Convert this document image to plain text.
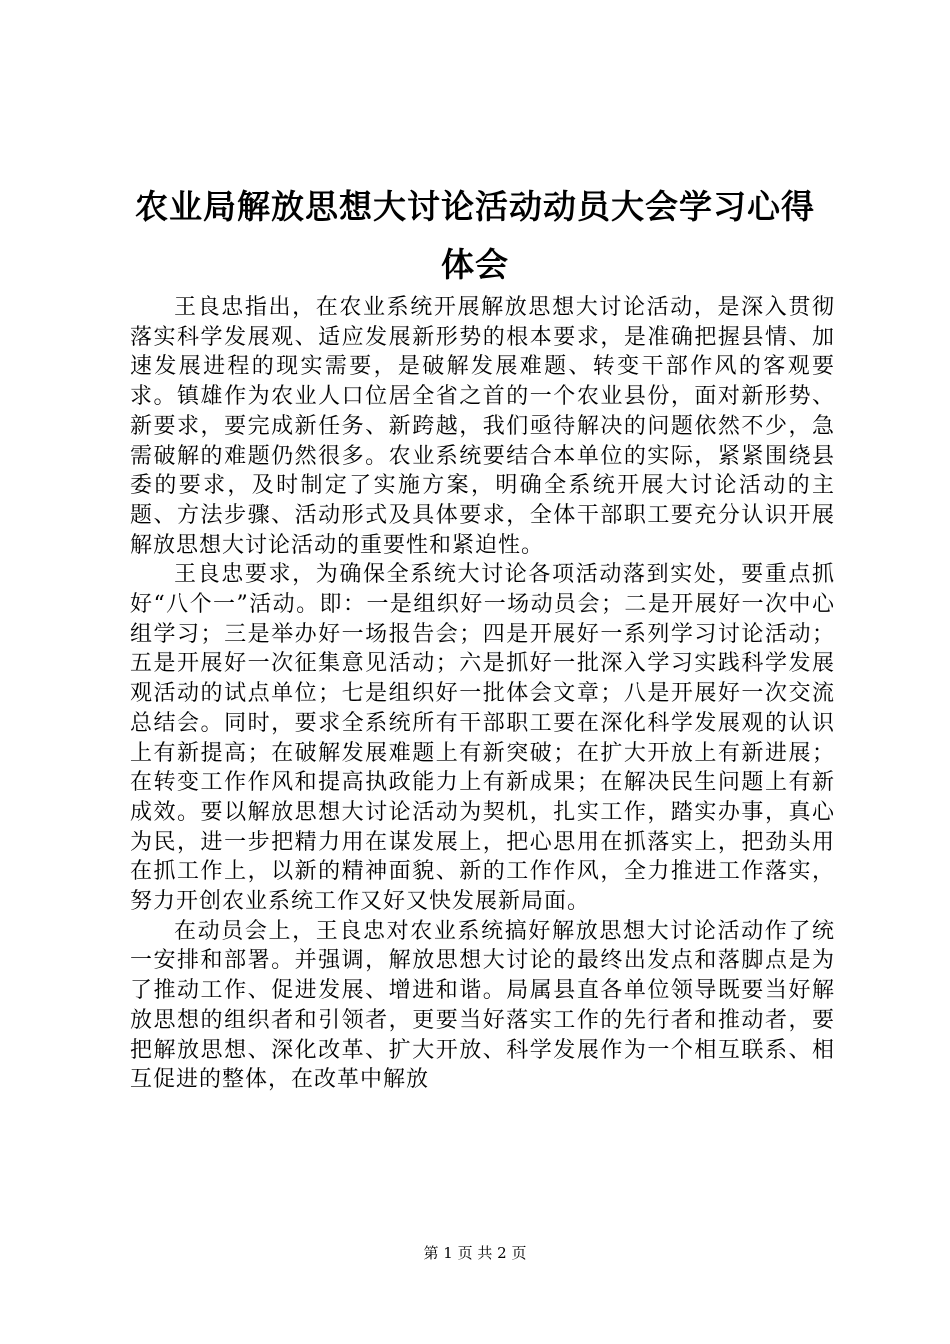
农业局解放思想大讨论活动动员大会学习心得
体会

王良忠指出，在农业系统开展解放思想大讨论活动，是深入贯彻落实科学发展观、适应发展新形势的根本要求，是准确把握县情、加速发展进程的现实需要，是破解发展难题、转变干部作风的客观要求。镇雄作为农业人口位居全省之首的一个农业县份，面对新形势、新要求，要完成新任务、新跨越，我们亟待解决的问题依然不少，急需破解的难题仍然很多。农业系统要结合本单位的实际，紧紧围绕县委的要求，及时制定了实施方案，明确全系统开展大讨论活动的主题、方法步骤、活动形式及具体要求，全体干部职工要充分认识开展解放思想大讨论活动的重要性和紧迫性。

王良忠要求，为确保全系统大讨论各项活动落到实处，要重点抓好“八个一”活动。即：一是组织好一场动员会；二是开展好一次中心组学习；三是举办好一场报告会；四是开展好一系列学习讨论活动；五是开展好一次征集意见活动；六是抓好一批深入学习实践科学发展观活动的试点单位；七是组织好一批体会文章；八是开展好一次交流总结会。同时，要求全系统所有干部职工要在深化科学发展观的认识上有新提高；在破解发展难题上有新突破；在扩大开放上有新进展；在转变工作作风和提高执政能力上有新成果；在解决民生问题上有新成效。要以解放思想大讨论活动为契机，扎实工作，踏实办事，真心为民，进一步把精力用在谋发展上，把心思用在抓落实上，把劲头用在抓工作上，以新的精神面貌、新的工作作风，全力推进工作落实，努力开创农业系统工作又好又快发展新局面。

在动员会上，王良忠对农业系统搞好解放思想大讨论活动作了统一安排和部署。并强调，解放思想大讨论的最终出发点和落脚点是为了推动工作、促进发展、增进和谐。局属县直各单位领导既要当好解放思想的组织者和引领者，更要当好落实工作的先行者和推动者，要把解放思想、深化改革、扩大开放、科学发展作为一个相互联系、相互促进的整体，在改革中解放

第 1 页 共 2 页
